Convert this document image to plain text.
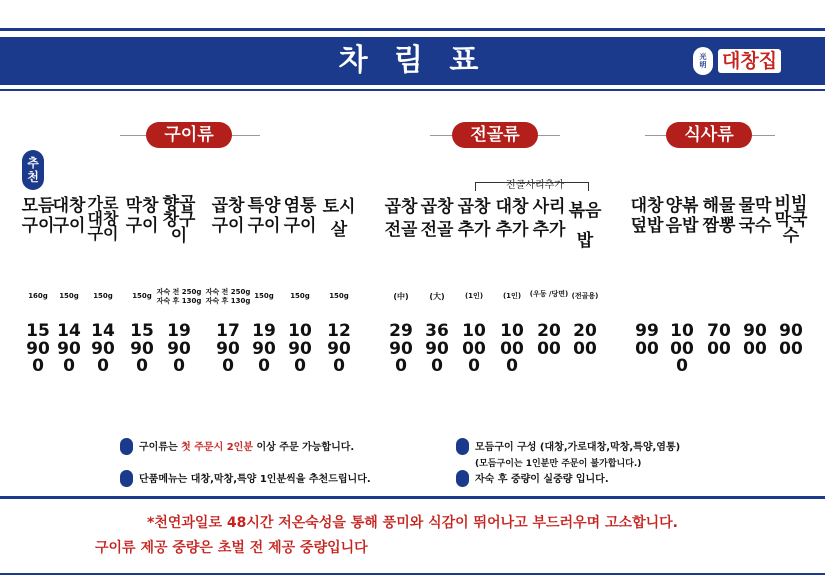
차 림 표	光
明 대창집
구이류	전골류	식사류
추
천
전골사리추가
모듬구이
160g
15900
대창구이
150g
14900
가로대창구이
150g
14900
막창구이
150g
15900
향곱창구이
자숙 전 250g 자숙 후 130g
19900
곱창구이
자숙 전 250g 자숙 후 130g
17900
특양구이
150g
19900
염통구이
150g
10900
토시살
150g
12900
곱창전골
(中)
29900
곱창전골
(大)
36900
곱창추가
(1인)
10000
대창추가
(1인)
10000
사리추가
(우동 /당면)
2000
볶음밥
(전골용)
2000
대창덮밥
9900
양볶음밥
10000
해물짬뽕
7000
물막국수
9000
비빔막국수
9000
구이류는 첫 주문시 2인분 이상 주문 가능합니다.
단품메뉴는 대창,막창,특양 1인분씩을 추천드립니다.
모듬구이 구성 (대창,가로대창,막창,특양,염통)
(모듬구이는 1인분만 주문이 불가합니다.)
자숙 후 중량이 실중량 입니다.
*천연과일로 48시간 저온숙성을 통해 풍미와 식감이 뛰어나고 부드러우며 고소합니다.
구이류 제공 중량은 초벌 전 제공 중량입니다
